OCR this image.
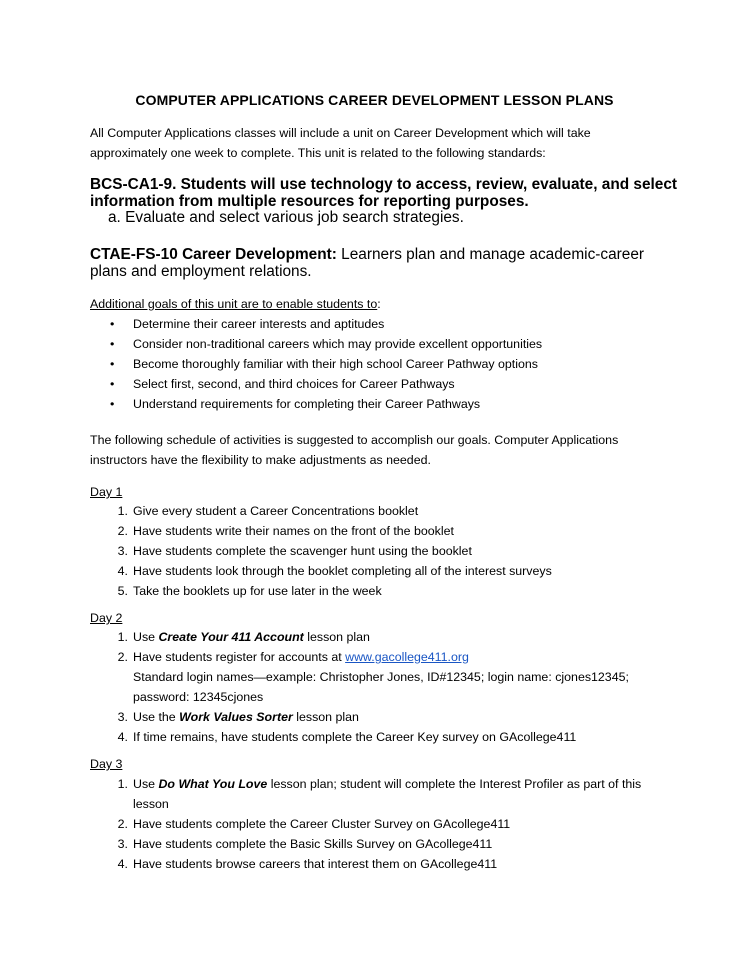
COMPUTER APPLICATIONS CAREER DEVELOPMENT LESSON PLANS
All Computer Applications classes will include a unit on Career Development which will take approximately one week to complete. This unit is related to the following standards:
BCS-CA1-9. Students will use technology to access, review, evaluate, and select information from multiple resources for reporting purposes.
a. Evaluate and select various job search strategies.
CTAE-FS-10 Career Development: Learners plan and manage academic-career plans and employment relations.
Additional goals of this unit are to enable students to:
•	Determine their career interests and aptitudes
•	Consider non-traditional careers which may provide excellent opportunities
•	Become thoroughly familiar with their high school Career Pathway options
•	Select first, second, and third choices for Career Pathways
•	Understand requirements for completing their Career Pathways
The following schedule of activities is suggested to accomplish our goals. Computer Applications instructors have the flexibility to make adjustments as needed.
Day 1
1. Give every student a Career Concentrations booklet
2. Have students write their names on the front of the booklet
3. Have students complete the scavenger hunt using the booklet
4. Have students look through the booklet completing all of the interest surveys
5. Take the booklets up for use later in the week
Day 2
1. Use Create Your 411 Account lesson plan
2. Have students register for accounts at www.gacollege411.org
Standard login names—example: Christopher Jones, ID#12345; login name: cjones12345;
password: 12345cjones
3. Use the Work Values Sorter lesson plan
4. If time remains, have students complete the Career Key survey on GAcollege411
Day 3
1. Use Do What You Love lesson plan; student will complete the Interest Profiler as part of this
lesson
2. Have students complete the Career Cluster Survey on GAcollege411
3. Have students complete the Basic Skills Survey on GAcollege411
4. Have students browse careers that interest them on GAcollege411
